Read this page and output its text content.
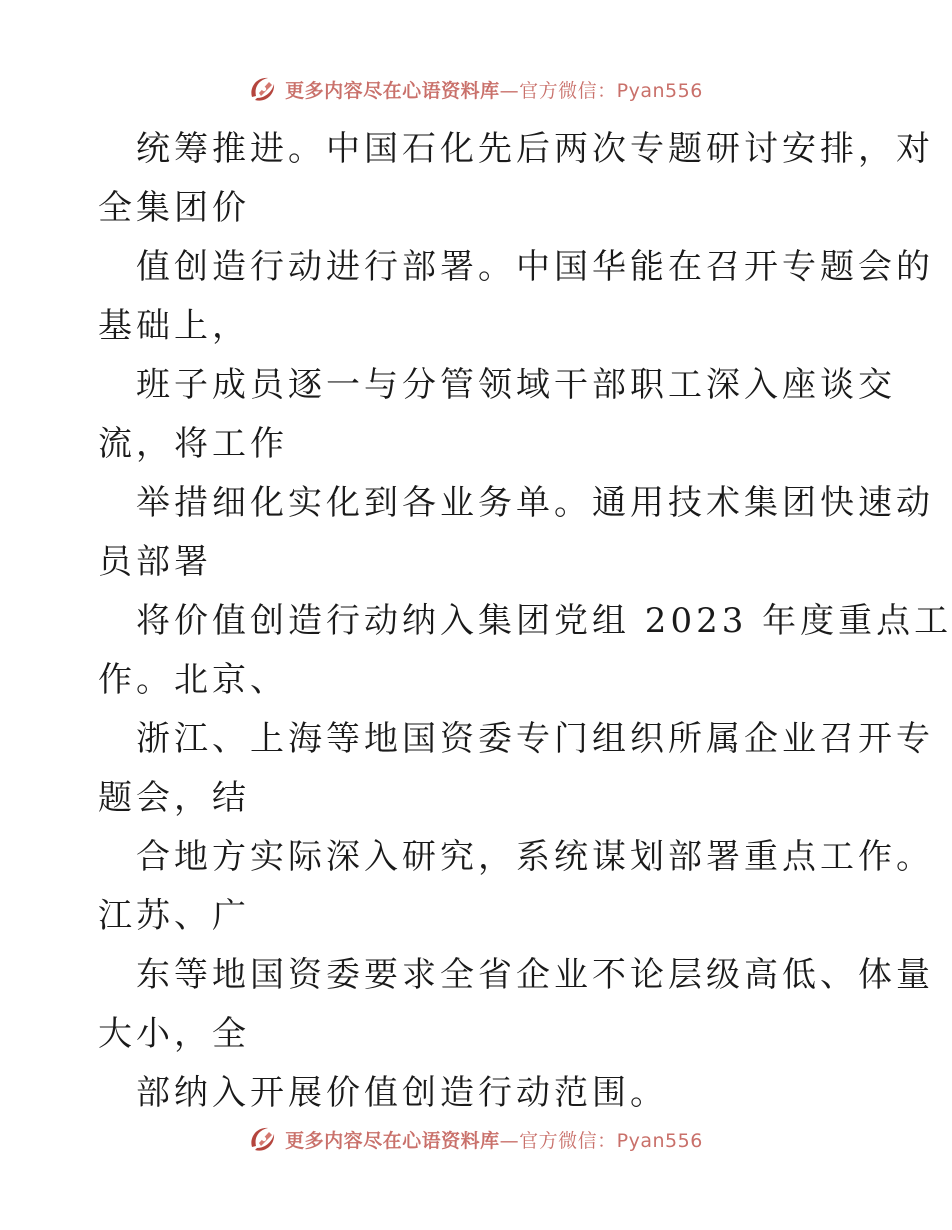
更多内容尽在心语资料库—官方微信：Pyan556
统筹推进。中国石化先后两次专题研讨安排，对
全集团价
值创造行动进行部署。中国华能在召开专题会的
基础上，
班子成员逐一与分管领域干部职工深入座谈交
流，将工作
举措细化实化到各业务单。通用技术集团快速动
员部署
将价值创造行动纳入集团党组 2023 年度重点工
作。北京、
浙江、上海等地国资委专门组织所属企业召开专
题会，结
合地方实际深入研究，系统谋划部署重点工作。
江苏、广
东等地国资委要求全省企业不论层级高低、体量
大小，全
部纳入开展价值创造行动范围。
更多内容尽在心语资料库—官方微信：Pyan556
